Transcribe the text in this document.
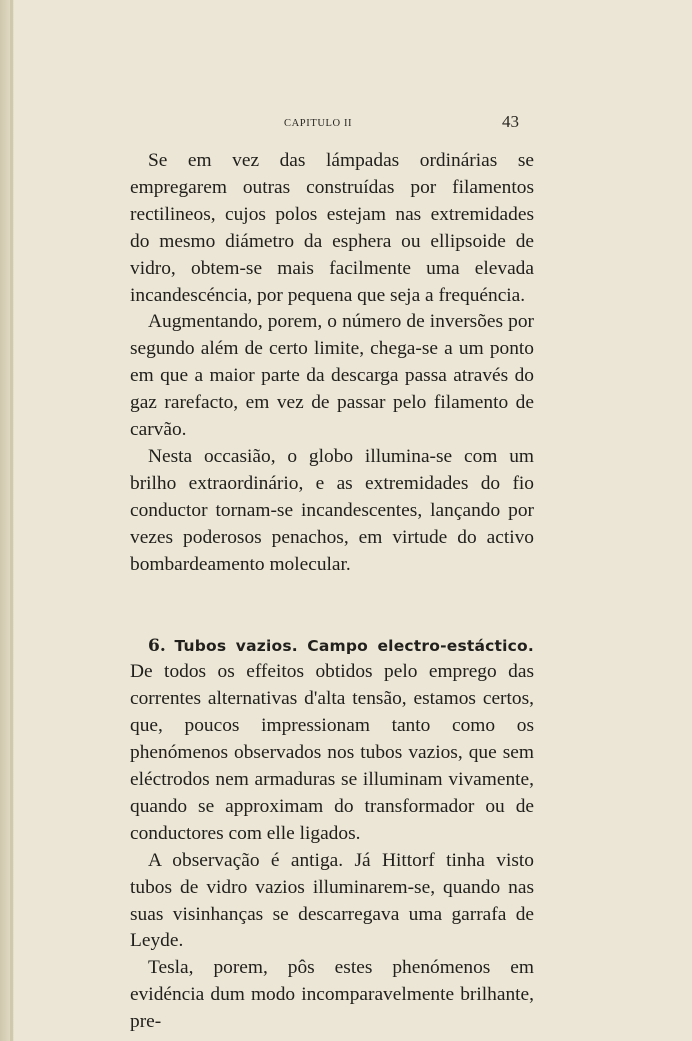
CAPITULO II	43

Se em vez das lámpadas ordinárias se empregarem outras construídas por filamentos rectilineos, cujos polos estejam nas extremidades do mesmo diámetro da esphera ou ellipsoide de vidro, obtem-se mais facilmente uma elevada incandescéncia, por pequena que seja a frequéncia.

Augmentando, porem, o número de inversões por segundo além de certo limite, chega-se a um ponto em que a maior parte da descarga passa através do gaz rarefacto, em vez de passar pelo filamento de carvão.

Nesta occasião, o globo illumina-se com um brilho extraordinário, e as extremidades do fio conductor tornam-se incandescentes, lançando por vezes poderosos penachos, em virtude do activo bombardeamento molecular.

6. Tubos vazios. Campo electro-estáctico. De todos os effeitos obtidos pelo emprego das correntes alternativas d'alta tensão, estamos certos, que, poucos impressionam tanto como os phenómenos observados nos tubos vazios, que sem eléctrodos nem armaduras se illuminam vivamente, quando se approximam do transformador ou de conductores com elle ligados.

A observação é antiga. Já Hittorf tinha visto tubos de vidro vazios illuminarem-se, quando nas suas visinhanças se descarregava uma garrafa de Leyde.

Tesla, porem, pôs estes phenómenos em evidéncia dum modo incomparavelmente brilhante, pre-
